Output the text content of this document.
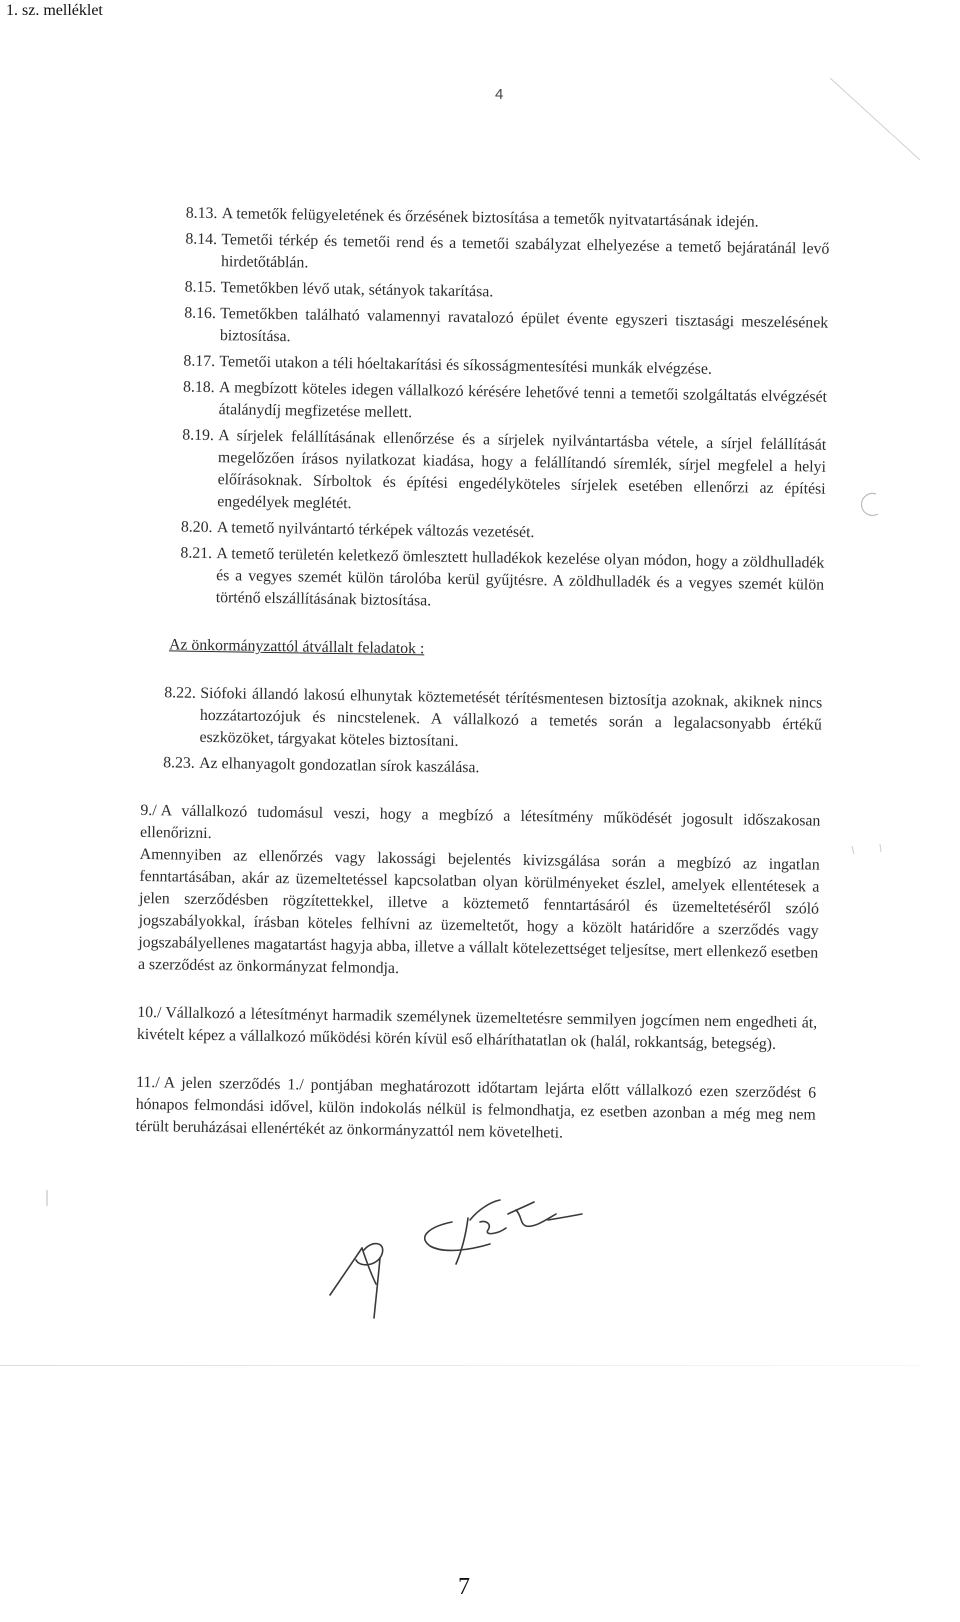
1. sz. melléklet
4

8.13. A temetők felügyeletének és őrzésének biztosítása a temetők nyitvatartásának idején.

8.14. Temetői térkép és temetői rend és a temetői szabályzat elhelyezése a temető bejáratánál levő hirdetőtáblán.

8.15. Temetőkben lévő utak, sétányok takarítása.

8.16. Temetőkben található valamennyi ravatalozó épület évente egyszeri tisztasági meszelésének biztosítása.

8.17. Temetői utakon a téli hóeltakarítási és síkosságmentesítési munkák elvégzése.

8.18. A megbízott köteles idegen vállalkozó kérésére lehetővé tenni a temetői szolgáltatás elvégzését átalánydíj megfizetése mellett.

8.19. A sírjelek felállításának ellenőrzése és a sírjelek nyilvántartásba vétele, a sírjel felállítását megelőzően írásos nyilatkozat kiadása, hogy a felállítandó síremlék, sírjel megfelel a helyi előírásoknak. Sírboltok és építési engedélyköteles sírjelek esetében ellenőrzi az építési engedélyek meglétét.

8.20. A temető nyilvántartó térképek változás vezetését.

8.21. A temető területén keletkező ömlesztett hulladékok kezelése olyan módon, hogy a zöldhulladék és a vegyes szemét külön tárolóba kerül gyűjtésre. A zöldhulladék és a vegyes szemét külön történő elszállításának biztosítása.

Az önkormányzattól átvállalt feladatok :

8.22. Siófoki állandó lakosú elhunytak köztemetését térítésmentesen biztosítja azoknak, akiknek nincs hozzátartozójuk és nincstelenek. A vállalkozó a temetés során a legalacsonyabb értékű eszközöket, tárgyakat köteles biztosítani.

8.23. Az elhanyagolt gondozatlan sírok kaszálása.

9./ A vállalkozó tudomásul veszi, hogy a megbízó a létesítmény működését jogosult időszakosan ellenőrizni.

Amennyiben az ellenőrzés vagy lakossági bejelentés kivizsgálása során a megbízó az ingatlan fenntartásában, akár az üzemeltetéssel kapcsolatban olyan körülményeket észlel, amelyek ellentétesek a jelen szerződésben rögzítettekkel, illetve a köztemető fenntartásáról és üzemeltetéséről szóló jogszabályokkal, írásban köteles felhívni az üzemeltetőt, hogy a közölt határidőre a szerződés vagy jogszabályellenes magatartást hagyja abba, illetve a vállalt kötelezettséget teljesítse, mert ellenkező esetben a szerződést az önkormányzat felmondja.

10./ Vállalkozó a létesítményt harmadik személynek üzemeltetésre semmilyen jogcímen nem engedheti át, kivételt képez a vállalkozó működési körén kívül eső elháríthatatlan ok (halál, rokkantság, betegség).

11./ A jelen szerződés 1./ pontjában meghatározott időtartam lejárta előtt vállalkozó ezen szerződést 6 hónapos felmondási idővel, külön indokolás nélkül is felmondhatja, ez esetben azonban a még meg nem térült beruházásai ellenértékét az önkormányzattól nem követelheti.

7
